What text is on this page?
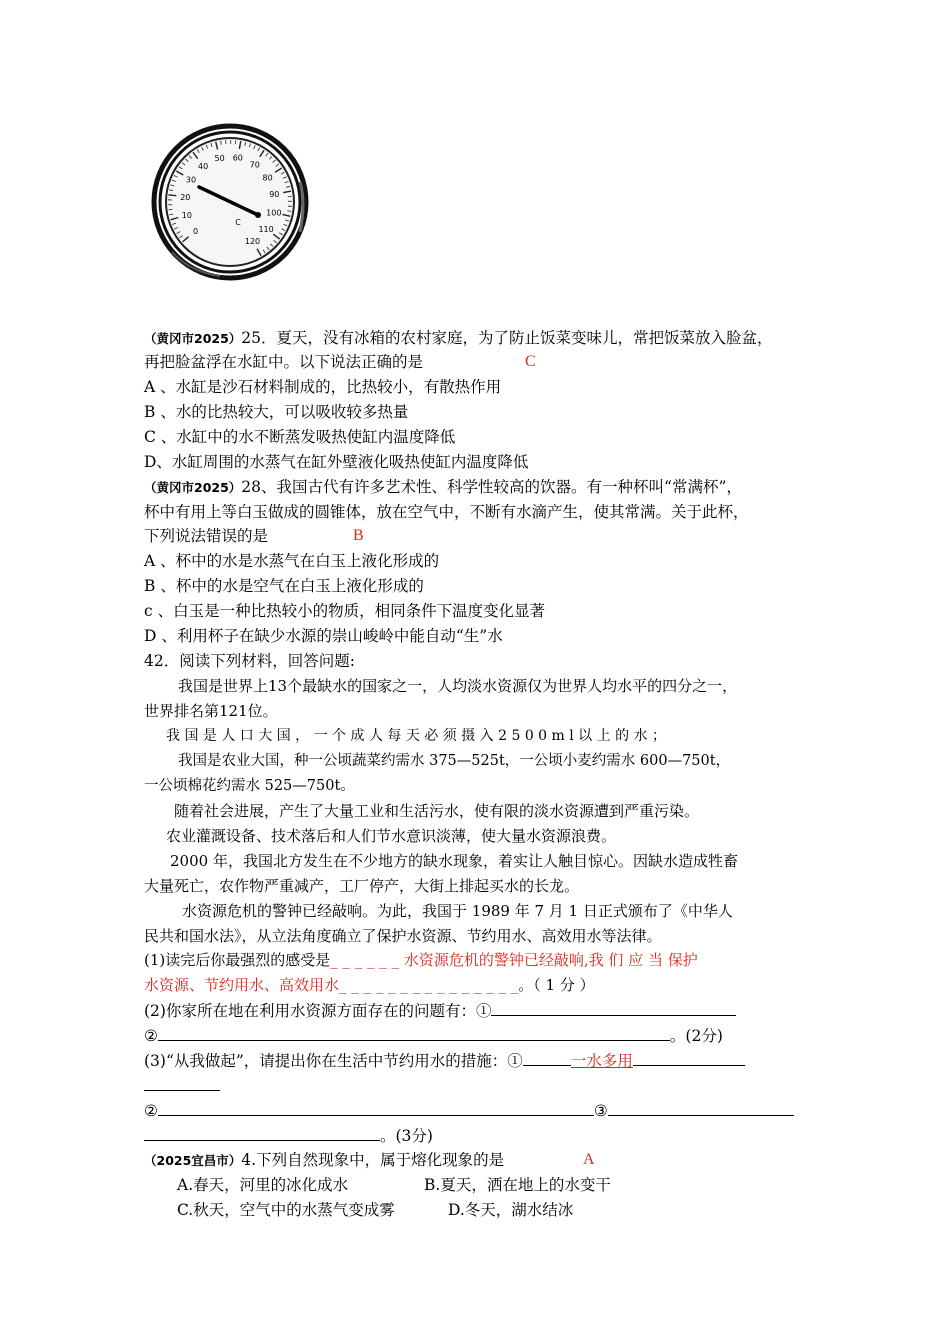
0
10
20
30
40
50 60
70
80
90
100
110
120
C
（黄冈市2025）25．夏天，没有冰箱的农村家庭，为了防止饭菜变味儿，常把饭菜放入脸盆，
再把脸盆浮在水缸中。以下说法正确的是	C
A 、水缸是沙石材料制成的，比热较小，有散热作用
B 、水的比热较大，可以吸收较多热量
C 、水缸中的水不断蒸发吸热使缸内温度降低
D、水缸周围的水蒸气在缸外壁液化吸热使缸内温度降低
（黄冈市2025）28、我国古代有许多艺术性、科学性较高的饮器。有一种杯叫“常满杯”，
杯中有用上等白玉做成的圆锥体，放在空气中，不断有水滴产生，使其常满。关于此杯，
下列说法错误的是	B
A 、杯中的水是水蒸气在白玉上液化形成的
B 、杯中的水是空气在白玉上液化形成的
c 、白玉是一种比热较小的物质，相同条件下温度变化显著
D 、利用杯子在缺少水源的崇山峻岭中能自动“生”水
42．阅读下列材料，回答问题:
我国是世界上13个最缺水的国家之一，人均淡水资源仅为世界人均水平的四分之一，
世界排名第121位。
我 国 是 人 口 大 国 ， 一 个 成 人 每 天 必 须 摄 入 2 5 0 0 m l 以 上 的 水 ；
我国是农业大国，种一公顷蔬菜约需水 375—525t，一公顷小麦约需水 600—750t，
一公顷棉花约需水 525—750t。
随着社会进展，产生了大量工业和生活污水，使有限的淡水资源遭到严重污染。
农业灌溉设备、技术落后和人们节水意识淡薄，使大量水资源浪费。
2000 年，我国北方发生在不少地方的缺水现象，着实让人触目惊心。因缺水造成牲畜
大量死亡，农作物严重减产，工厂停产，大街上排起买水的长龙。
水资源危机的警钟已经敲响。为此，我国于 1989 年 7 月 1 日正式颁布了《中华人
民共和国水法》，从立法角度确立了保护水资源、节约用水、高效用水等法律。
(1)读完后你最强烈的感受是_ _ _ _ _ _ 水资源危机的警钟已经敲响,我 们 应 当 保护
水资源、节约用水、高效用水_ _ _ _ _ _ _ _ _ _ _ _ _ _ _。（ 1 分 ）
(2)你家所在地在利用水资源方面存在的问题有：①
②	。(2分)
(3)“从我做起”，请提出你在生活中节约用水的措施：①	一水多用
②	③
。(3分)
（2025宜昌市）4.下列自然现象中，属于熔化现象的是	A
A.春天，河里的冰化成水	B.夏天，洒在地上的水变干
C.秋天，空气中的水蒸气变成雾	D.冬天，湖水结冰
